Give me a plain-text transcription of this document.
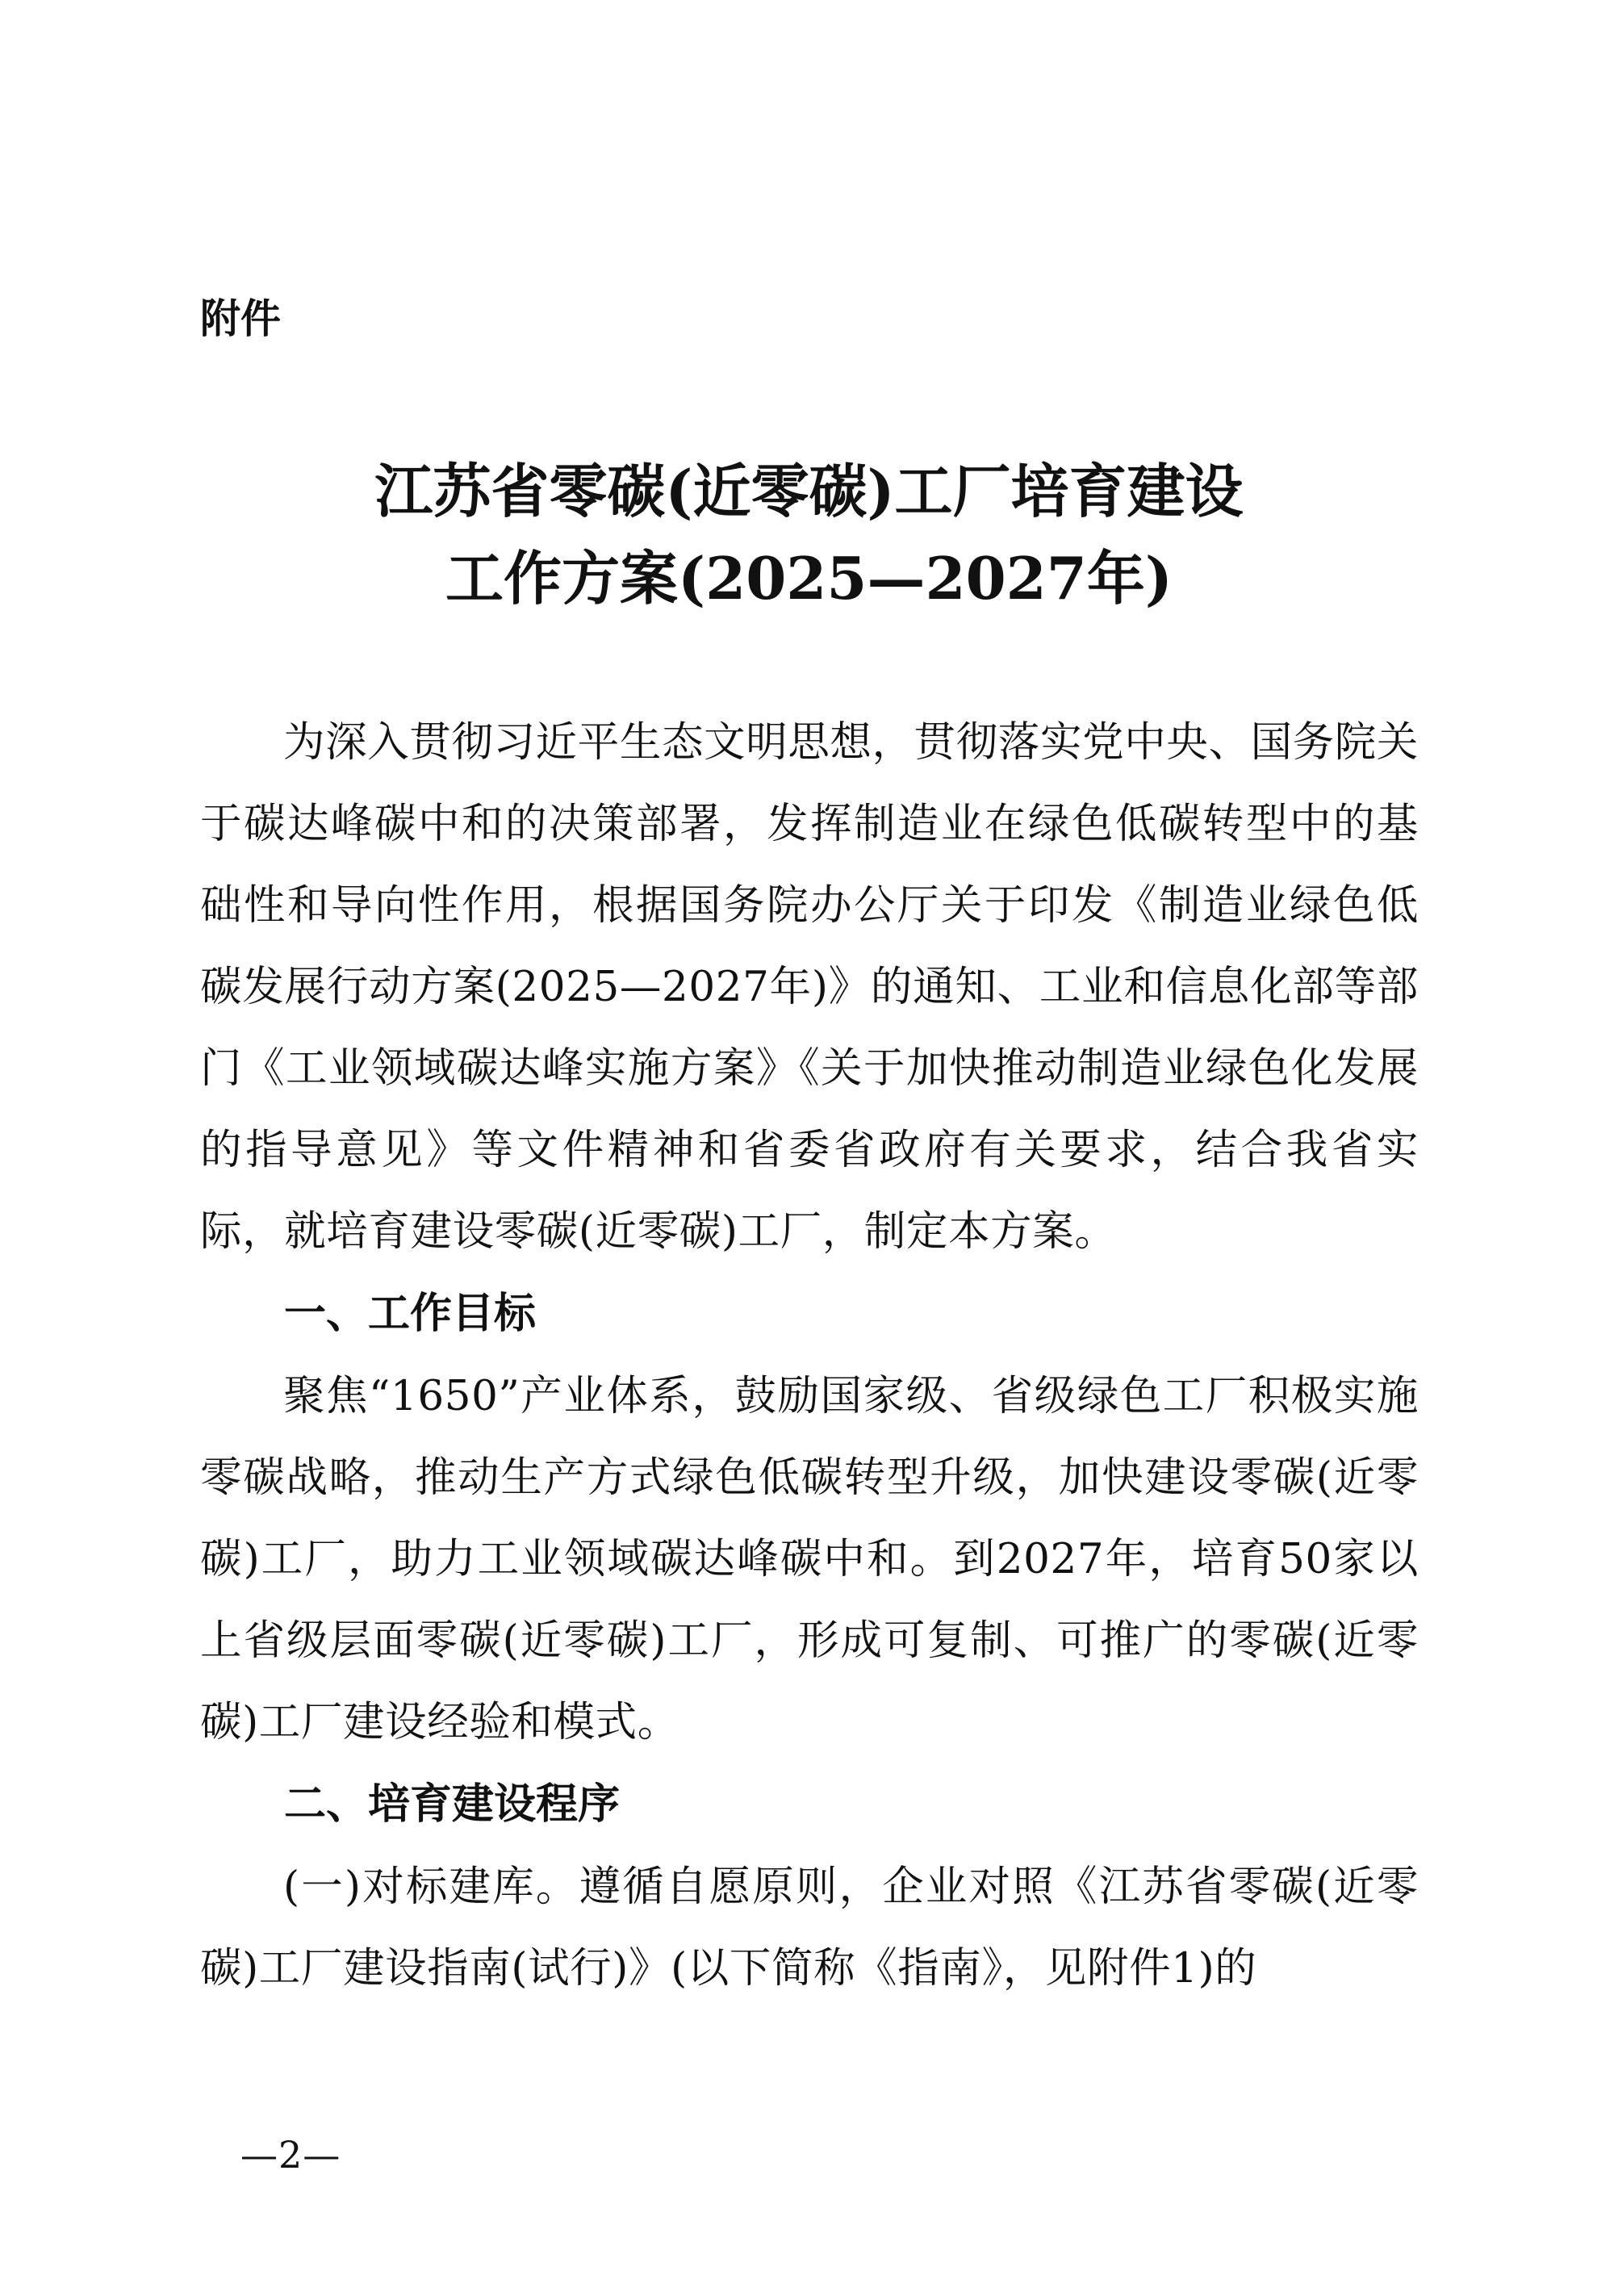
附件
江苏省零碳(近零碳)工厂培育建设
工作方案(2025—2027年)

为深入贯彻习近平生态文明思想，贯彻落实党中央、国务院关于碳达峰碳中和的决策部署，发挥制造业在绿色低碳转型中的基础性和导向性作用，根据国务院办公厅关于印发《制造业绿色低碳发展行动方案(2025—2027年)》的通知、工业和信息化部等部门《工业领域碳达峰实施方案》《关于加快推动制造业绿色化发展的指导意见》等文件精神和省委省政府有关要求，结合我省实际，就培育建设零碳(近零碳)工厂，制定本方案。

一、工作目标

聚焦“1650”产业体系，鼓励国家级、省级绿色工厂积极实施零碳战略，推动生产方式绿色低碳转型升级，加快建设零碳(近零碳)工厂，助力工业领域碳达峰碳中和。到2027年，培育50家以上省级层面零碳(近零碳)工厂，形成可复制、可推广的零碳(近零碳)工厂建设经验和模式。

二、培育建设程序

(一)对标建库。遵循自愿原则，企业对照《江苏省零碳(近零碳)工厂建设指南(试行)》(以下简称《指南》，见附件1)的

—2—
